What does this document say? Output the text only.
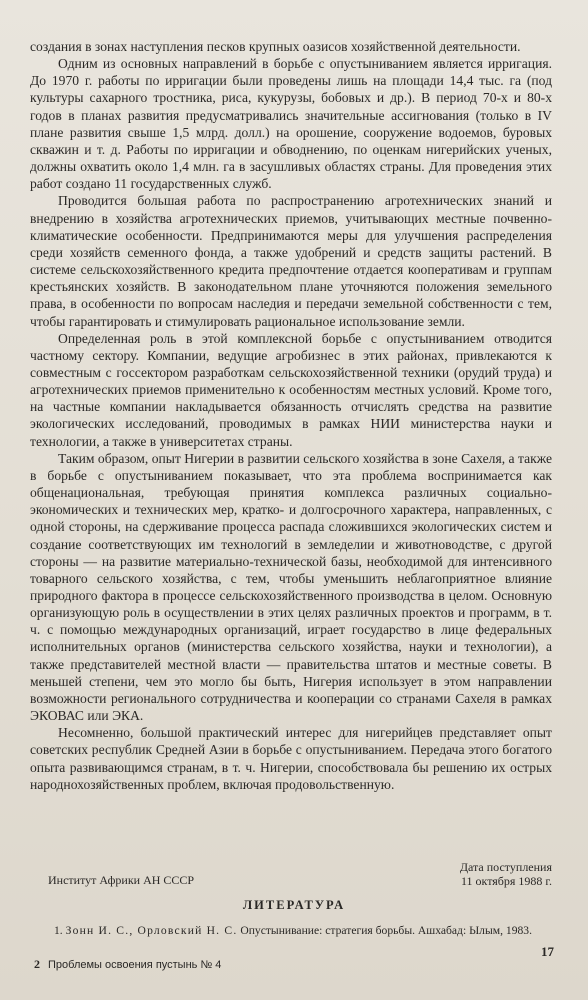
создания в зонах наступления песков крупных оазисов хозяйственной деятельности.

Одним из основных направлений в борьбе с опустыниванием является ирригация. До 1970 г. работы по ирригации были проведены лишь на площади 14,4 тыс. га (под культуры сахарного тростника, риса, кукурузы, бобовых и др.). В период 70-х и 80-х годов в планах развития предусматривались значительные ассигнования (только в IV плане развития свыше 1,5 млрд. долл.) на орошение, сооружение водоемов, буровых скважин и т. д. Работы по ирригации и обводнению, по оценкам нигерийских ученых, должны охватить около 1,4 млн. га в засушливых областях страны. Для проведения этих работ создано 11 государственных служб.

Проводится большая работа по распространению агротехнических знаний и внедрению в хозяйства агротехнических приемов, учитывающих местные почвенно-климатические особенности. Предпринимаются меры для улучшения распределения среди хозяйств семенного фонда, а также удобрений и средств защиты растений. В системе сельскохозяйственного кредита предпочтение отдается кооперативам и группам крестьянских хозяйств. В законодательном плане уточняются положения земельного права, в особенности по вопросам наследия и передачи земельной собственности с тем, чтобы гарантировать и стимулировать рациональное использование земли.

Определенная роль в этой комплексной борьбе с опустыниванием отводится частному сектору. Компании, ведущие агробизнес в этих районах, привлекаются к совместным с госсектором разработкам сельскохозяйственной техники (орудий труда) и агротехнических приемов применительно к особенностям местных условий. Кроме того, на частные компании накладывается обязанность отчислять средства на развитие экологических исследований, проводимых в рамках НИИ министерства науки и технологии, а также в университетах страны.

Таким образом, опыт Нигерии в развитии сельского хозяйства в зоне Сахеля, а также в борьбе с опустыниванием показывает, что эта проблема воспринимается как общенациональная, требующая принятия комплекса различных социально-экономических и технических мер, кратко- и долгосрочного характера, направленных, с одной стороны, на сдерживание процесса распада сложившихся экологических систем и создание соответствующих им технологий в земледелии и животноводстве, с другой стороны — на развитие материально-технической базы, необходимой для интенсивного товарного сельского хозяйства, с тем, чтобы уменьшить неблагоприятное влияние природного фактора в процессе сельскохозяйственного производства в целом. Основную организующую роль в осуществлении в этих целях различных проектов и программ, в т. ч. с помощью международных организаций, играет государство в лице федеральных исполнительных органов (министерства сельского хозяйства, науки и технологии), а также представителей местной власти — правительства штатов и местные советы. В меньшей степени, чем это могло бы быть, Нигерия использует в этом направлении возможности регионального сотрудничества и кооперации со странами Сахеля в рамках ЭКОВАС или ЭКА.

Несомненно, большой практический интерес для нигерийцев представляет опыт советских республик Средней Азии в борьбе с опустыниванием. Передача этого богатого опыта развивающимся странам, в т. ч. Нигерии, способствовала бы решению их острых народнохозяйственных проблем, включая продовольственную.

Институт Африки АН СССР
Дата поступления
11 октября 1988 г.
ЛИТЕРАТУРА
1. Зонн И. С., Орловский Н. С. Опустынивание: стратегия борьбы. Ашхабад: Ылым, 1983.
2 Проблемы освоения пустынь № 4
17
